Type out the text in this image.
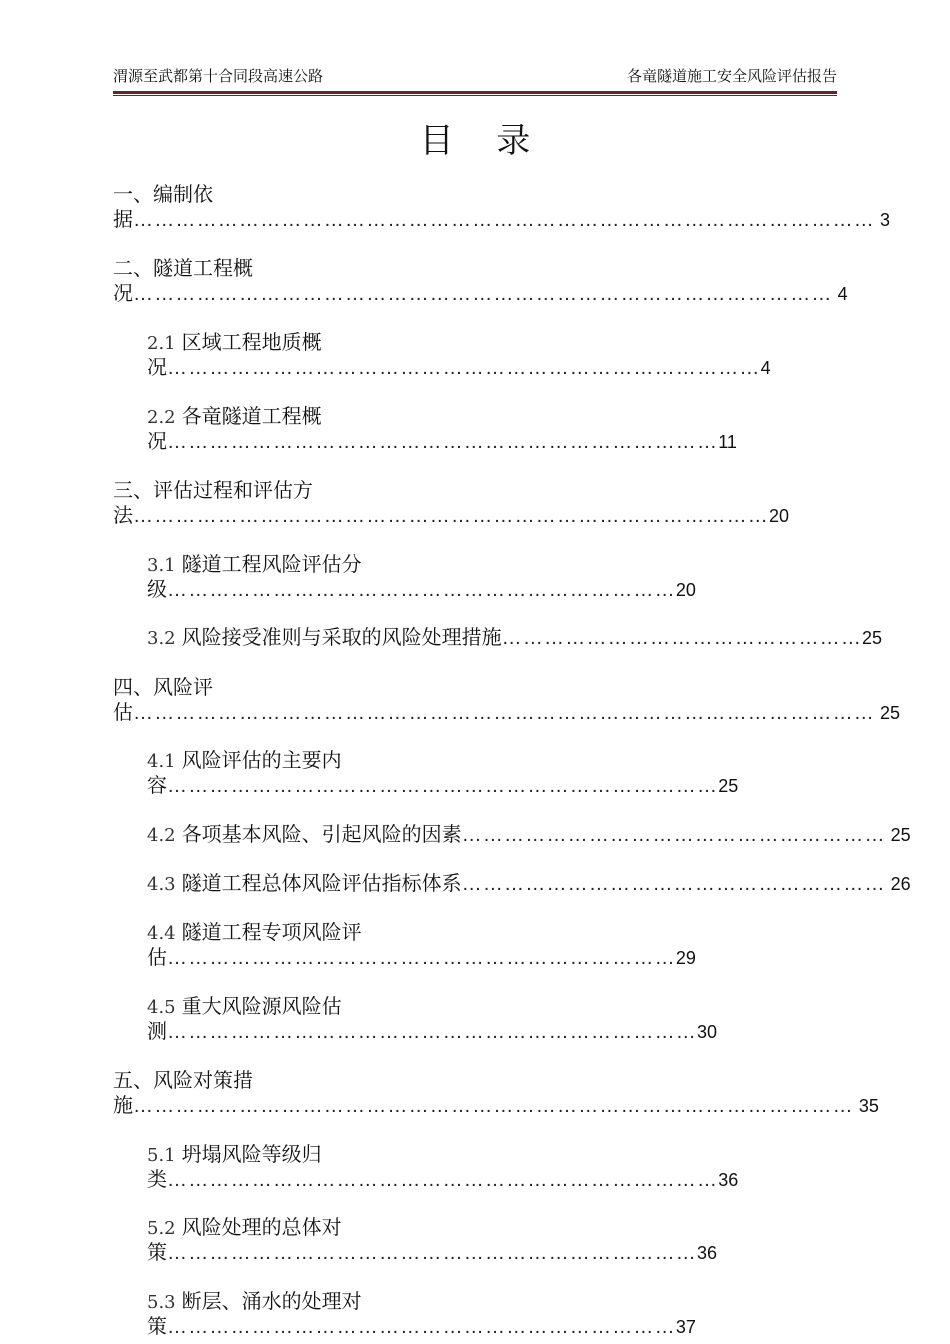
渭源至武都第十合同段高速公路	各竜隧道施工安全风险评估报告
目 录
一、编制依
据…………………………………………………………………………………………… 3
二、隧道工程概
况……………………………………………………………………………………… 4
2.1 区域工程地质概
况…………………………………………………………………………4
2.2 各竜隧道工程概
况……………………………………………………………………11
三、评估过程和评估方
法………………………………………………………………………………20
3.1 隧道工程风险评估分
级………………………………………………………………20
3.2 风险接受准则与采取的风险处理措施……………………………………………25
四、风险评
估…………………………………………………………………………………………… 25
4.1 风险评估的主要内
容……………………………………………………………………25
4.2 各项基本风险、引起风险的因素…………………………………………………… 25
4.3 隧道工程总体风险评估指标体系…………………………………………………… 26
4.4 隧道工程专项风险评
估………………………………………………………………29
4.5 重大风险源风险估
测…………………………………………………………………30
五、风险对策措
施………………………………………………………………………………………… 35
5.1 坍塌风险等级归
类……………………………………………………………………36
5.2 风险处理的总体对
策…………………………………………………………………36
5.3 断层、涌水的处理对
策………………………………………………………………37
